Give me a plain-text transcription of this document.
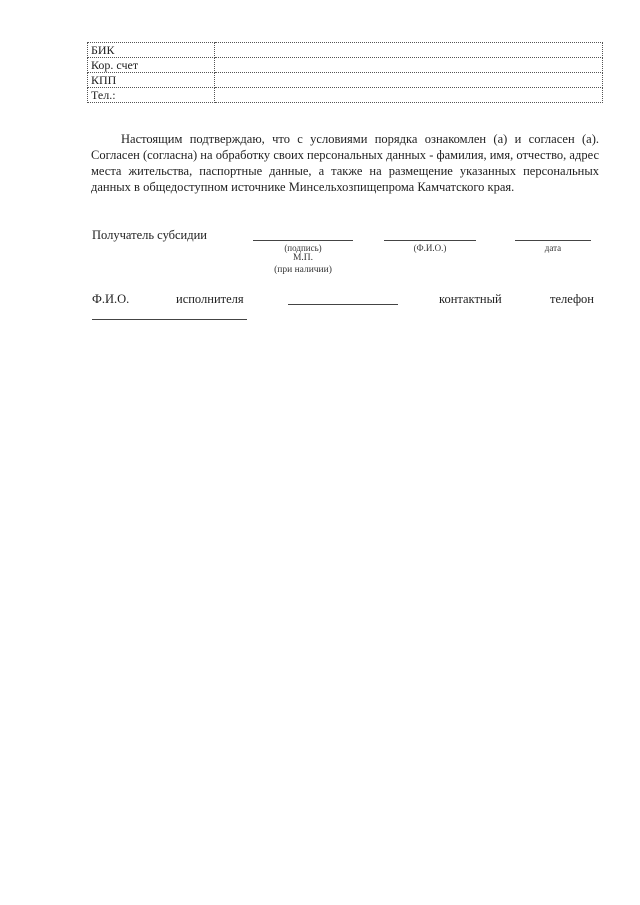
БИК	
Кор. счет	
КПП	
Тел.:	

Настоящим подтверждаю, что с условиями порядка ознакомлен (а) и согласен (а). Согласен (согласна) на обработку своих персональных данных - фамилия, имя, отчество, адрес места жительства, паспортные данные, а также на размещение указанных персональных данных в общедоступном источнике Минсельхозпищепрома Камчатского края.

Получатель субсидии
(подпись)	(Ф.И.О.)	дата
М.П.
(при наличии)
Ф.И.О.	исполнителя	контактный	телефон
